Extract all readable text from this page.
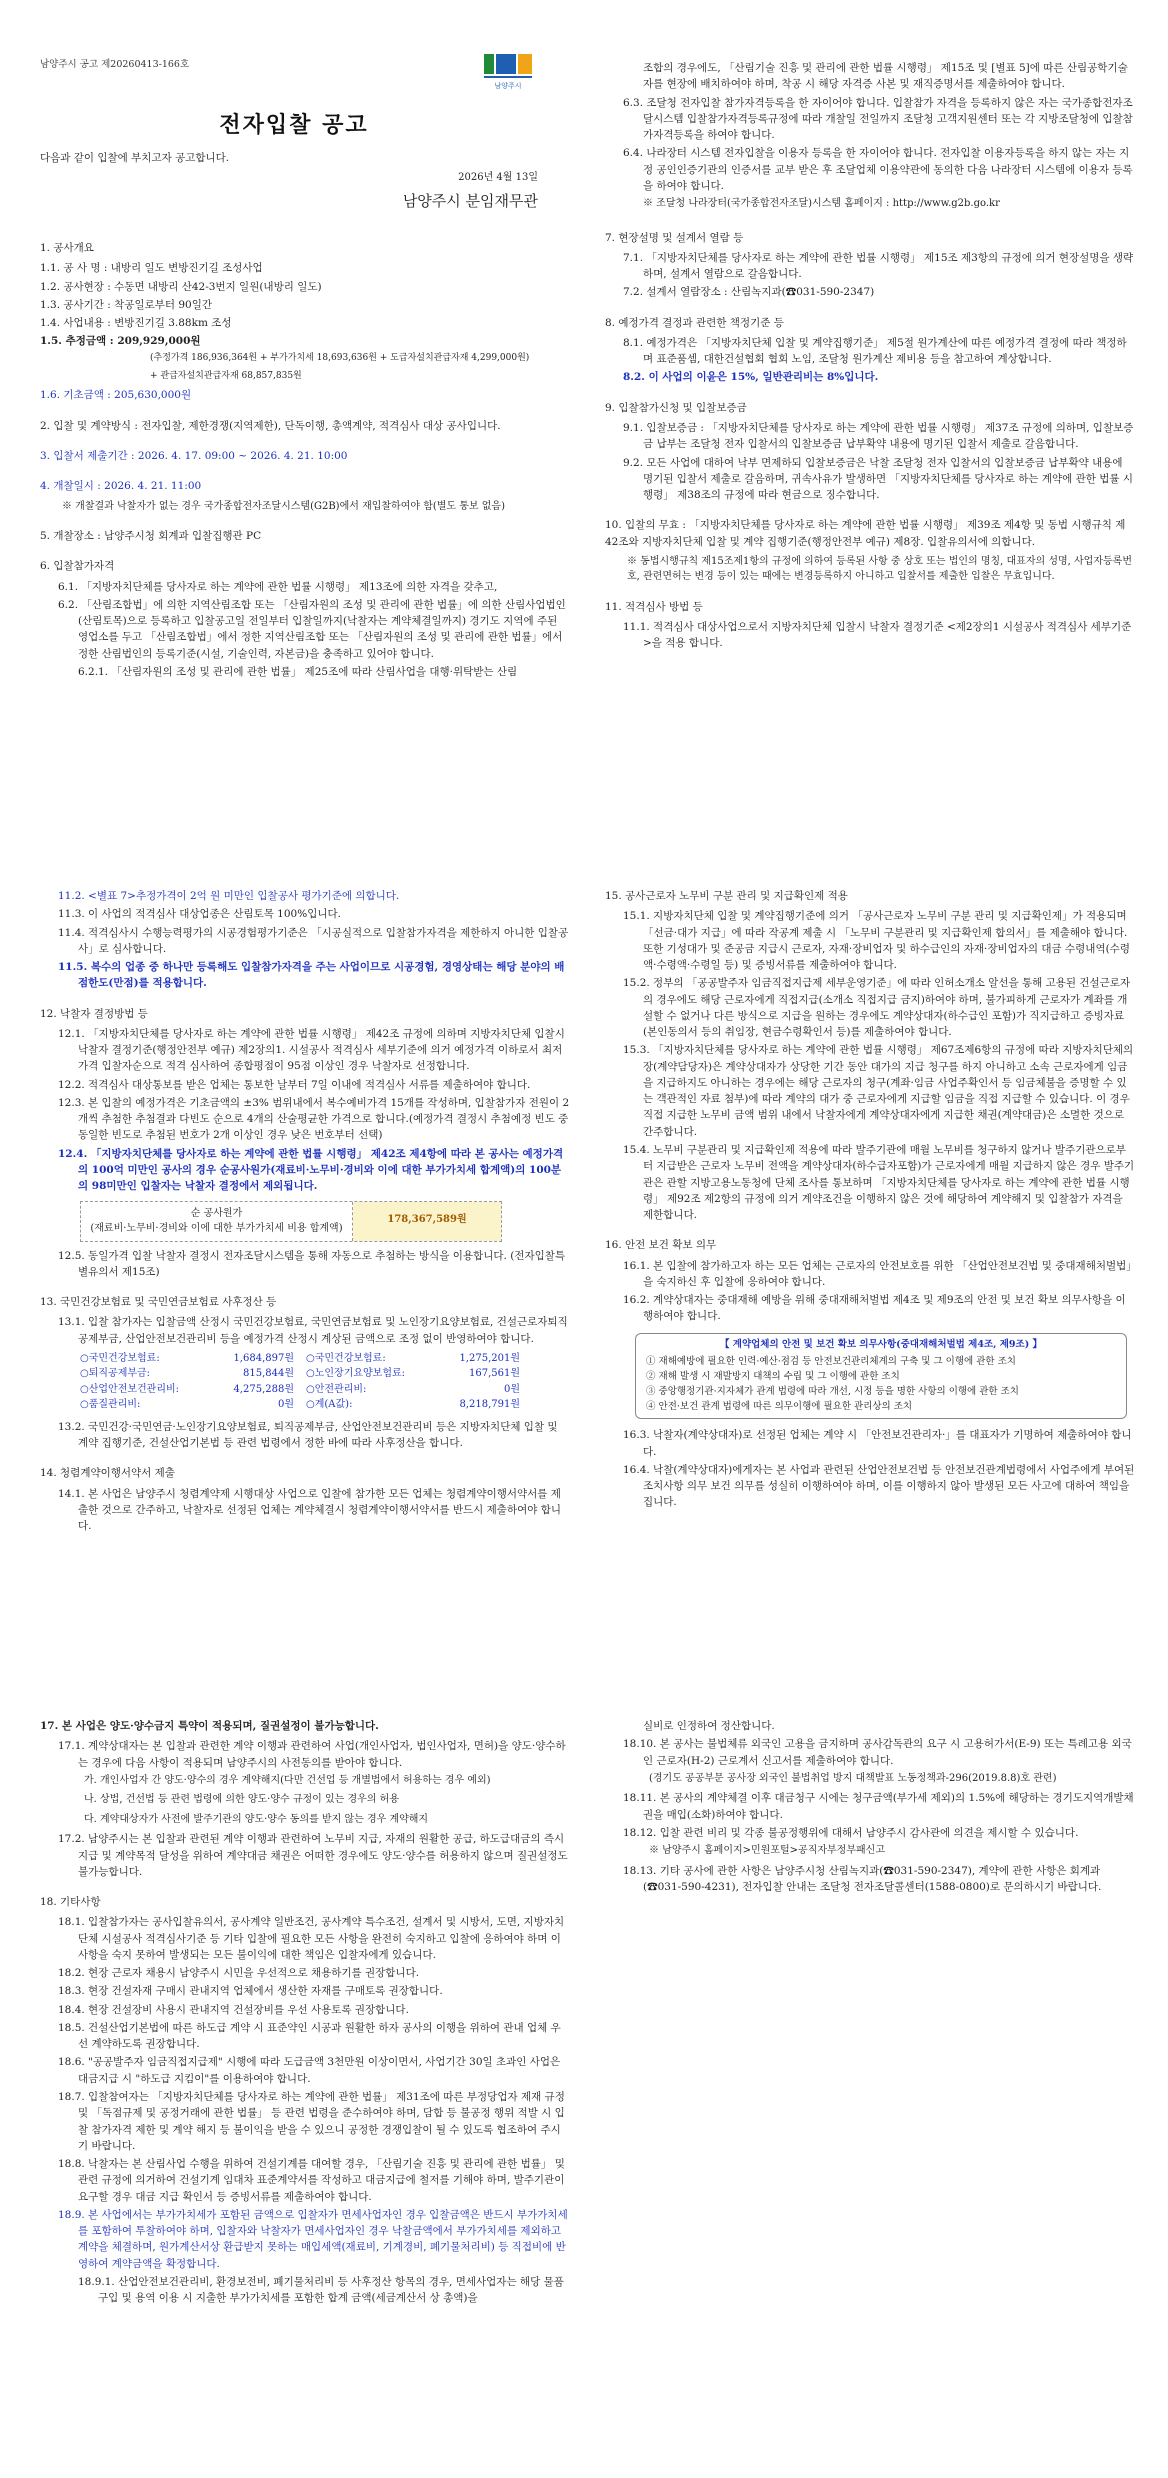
남양주시 공고 제20260413-166호
남양주시
전자입찰 공고
다음과 같이 입찰에 부치고자 공고합니다.
2026년 4월 13일
남양주시 분임재무관
1. 공사개요
1.1. 공 사 명 : 내방리 일도 변방진기길 조성사업
1.2. 공사현장 : 수동면 내방리 산42-3번지 일원(내방리 일도)
1.3. 공사기간 : 착공일로부터 90일간
1.4. 사업내용 : 변방진기길 3.88km 조성
1.5. 추정금액 : 209,929,000원
(추정가격 186,936,364원 + 부가가치세 18,693,636원 + 도급자설치관급자재 4,299,000원)
+ 관급자설치관급자재 68,857,835원
1.6. 기초금액 : 205,630,000원
2. 입찰 및 계약방식 : 전자입찰, 제한경쟁(지역제한), 단독이행, 총액계약, 적격심사 대상 공사입니다.
3. 입찰서 제출기간 : 2026. 4. 17. 09:00 ~ 2026. 4. 21. 10:00
4. 개찰일시 : 2026. 4. 21. 11:00
※ 개찰결과 낙찰자가 없는 경우 국가종합전자조달시스템(G2B)에서 재입찰하여야 함(별도 통보 없음)
5. 개찰장소 : 남양주시청 회계과 입찰집행관 PC
6. 입찰참가자격
6.1. 「지방자치단체를 당사자로 하는 계약에 관한 법률 시행령」 제13조에 의한 자격을 갖추고,
6.2. 「산림조합법」에 의한 지역산림조합 또는 「산림자원의 조성 및 관리에 관한 법률」에 의한 산림사업법인(산림토목)으로 등록하고 입찰공고일 전일부터 입찰일까지(낙찰자는 계약체결일까지) 경기도 지역에 주된 영업소를 두고 「산림조합법」에서 정한 지역산림조합 또는 「산림자원의 조성 및 관리에 관한 법률」에서 정한 산림법인의 등록기준(시설, 기술인력, 자본금)을 충족하고 있어야 합니다.
6.2.1. 「산림자원의 조성 및 관리에 관한 법률」 제25조에 따라 산림사업을 대행·위탁받는 산림
조합의 경우에도, 「산림기술 진흥 및 관리에 관한 법률 시행령」 제15조 및 [별표 5]에 따른 산림공학기술자를 현장에 배치하여야 하며, 착공 시 해당 자격증 사본 및 재직증명서를 제출하여야 합니다.
6.3. 조달청 전자입찰 참가자격등록을 한 자이어야 합니다. 입찰참가 자격을 등록하지 않은 자는 국가종합전자조달시스템 입찰참가자격등록규정에 따라 개찰일 전일까지 조달청 고객지원센터 또는 각 지방조달청에 입찰참가자격등록을 하여야 합니다.
6.4. 나라장터 시스템 전자입찰을 이용자 등록을 한 자이어야 합니다. 전자입찰 이용자등록을 하지 않는 자는 지정 공인인증기관의 인증서를 교부 받은 후 조달업체 이용약관에 동의한 다음 나라장터 시스템에 이용자 등록을 하여야 합니다.
※ 조달청 나라장터(국가종합전자조달)시스템 홈페이지 : http://www.g2b.go.kr
7. 현장설명 및 설계서 열람 등
7.1. 「지방자치단체를 당사자로 하는 계약에 관한 법률 시행령」 제15조 제3항의 규정에 의거 현장설명을 생략하며, 설계서 열람으로 갈음합니다.
7.2. 설계서 열람장소 : 산림녹지과(☎031-590-2347)
8. 예정가격 결정과 관련한 책정기준 등
8.1. 예정가격은 「지방자치단체 입찰 및 계약집행기준」 제5절 원가계산에 따른 예정가격 결정에 따라 책정하며 표준품셈, 대한건설협회 협회 노임, 조달청 원가계산 제비용 등을 참고하여 계상합니다.
8.2. 이 사업의 이윤은 15%, 일반관리비는 8%입니다.
9. 입찰참가신청 및 입찰보증금
9.1. 입찰보증금 : 「지방자치단체를 당사자로 하는 계약에 관한 법률 시행령」 제37조 규정에 의하며, 입찰보증금 납부는 조달청 전자 입찰서의 입찰보증금 납부확약 내용에 명기된 입찰서 제출로 갈음합니다.
9.2. 모든 사업에 대하여 낙부 면제하되 입찰보증금은 낙찰 조달청 전자 입찰서의 입찰보증금 납부확약 내용에 명기된 입찰서 제출로 갈음하며, 귀속사유가 발생하면 「지방자치단체를 당사자로 하는 계약에 관한 법률 시행령」 제38조의 규정에 따라 현금으로 징수합니다.
10. 입찰의 무효 : 「지방자치단체를 당사자로 하는 계약에 관한 법률 시행령」 제39조 제4항 및 동법 시행규칙 제42조와 지방자치단체 입찰 및 계약 집행기준(행정안전부 예규) 제8장. 입찰유의서에 의합니다.
※ 동법시행규칙 제15조제1항의 규정에 의하여 등록된 사항 중 상호 또는 법인의 명칭, 대표자의 성명, 사업자등록번호, 관련면허는 변경 등이 있는 때에는 변경등록하지 아니하고 입찰서를 제출한 입찰은 무효입니다.
11. 적격심사 방법 등
11.1. 적격심사 대상사업으로서 지방자치단체 입찰시 낙찰자 결정기준 <제2장의1 시설공사 적격심사 세부기준>을 적용 합니다.
11.2. <별표 7>추정가격이 2억 원 미만인 입찰공사 평가기준에 의합니다.
11.3. 이 사업의 적격심사 대상업종은 산림토목 100%입니다.
11.4. 적격심사시 수행능력평가의 시공경험평가기준은 「시공실적으로 입찰참가자격을 제한하지 아니한 입찰공사」로 심사합니다.
11.5. 복수의 업종 중 하나만 등록해도 입찰참가자격을 주는 사업이므로 시공경험, 경영상태는 해당 분야의 배점한도(만점)를 적용합니다.
12. 낙찰자 결정방법 등
12.1. 「지방자치단체를 당사자로 하는 계약에 관한 법률 시행령」 제42조 규정에 의하며 지방자치단체 입찰시 낙찰자 결정기준(행정안전부 예규) 제2장의1. 시설공사 적격심사 세부기준에 의거 예정가격 이하로서 최저가격 입찰자순으로 적격 심사하여 종합평점이 95점 이상인 경우 낙찰자로 선정합니다.
12.2. 적격심사 대상통보를 받은 업체는 통보한 날부터 7일 이내에 적격심사 서류를 제출하여야 합니다.
12.3. 본 입찰의 예정가격은 기초금액의 ±3% 범위내에서 복수예비가격 15개를 작성하며, 입찰참가자 전원이 2개씩 추첨한 추첨결과 다빈도 순으로 4개의 산술평균한 가격으로 합니다.(예정가격 결정시 추첨예정 빈도 중 동일한 빈도로 추첨된 번호가 2개 이상인 경우 낮은 번호부터 선택)
12.4. 「지방자치단체를 당사자로 하는 계약에 관한 법률 시행령」 제42조 제4항에 따라 본 공사는 예정가격의 100억 미만인 공사의 경우 순공사원가(재료비·노무비·경비와 이에 대한 부가가치세 합계액)의 100분의 98미만인 입찰자는 낙찰자 결정에서 제외됩니다.
순 공사원가
(재료비·노무비·경비와 이에 대한 부가가치세 비용 합계액)
178,367,589원
12.5. 동일가격 입찰 낙찰자 결정시 전자조달시스템을 통해 자동으로 추첨하는 방식을 이용합니다. (전자입찰특별유의서 제15조)
13. 국민건강보험료 및 국민연금보험료 사후정산 등
13.1. 입찰 참가자는 입찰금액 산정시 국민건강보험료, 국민연금보험료 및 노인장기요양보험료, 건설근로자퇴직공제부금, 산업안전보건관리비 등을 예정가격 산정시 계상된 금액으로 조정 없이 반영하여야 합니다.
○국민건강보험료:	1,684,897원 ○국민건강보험료:	1,275,201원
○퇴직공제부금:	815,844원 ○노인장기요양보험료:	167,561원
○산업안전보건관리비:	4,275,288원 ○안전관리비:	0원
○품질관리비:	0원 ○계(A값):	8,218,791원
13.2. 국민건강·국민연금·노인장기요양보험료, 퇴직공제부금, 산업안전보건관리비 등은 지방자치단체 입찰 및 계약 집행기준, 건설산업기본법 등 관련 법령에서 정한 바에 따라 사후정산을 합니다.
14. 청렴계약이행서약서 제출
14.1. 본 사업은 남양주시 청렴계약제 시행대상 사업으로 입찰에 참가한 모든 업체는 청렴계약이행서약서를 제출한 것으로 간주하고, 낙찰자로 선정된 업체는 계약체결시 청렴계약이행서약서를 반드시 제출하여야 합니다.
15. 공사근로자 노무비 구분 관리 및 지급확인제 적용
15.1. 지방자치단체 입찰 및 계약집행기준에 의거 「공사근로자 노무비 구분 관리 및 지급확인제」가 적용되며 「선금·대가 지급」에 따라 작공계 제출 시 「노무비 구분관리 및 지급확인제 합의서」를 제출해야 합니다. 또한 기성대가 및 준공금 지급시 근로자, 자재·장비업자 및 하수급인의 자재·장비업자의 대금 수령내역(수령액·수령액·수령일 등) 및 증빙서류를 제출하여야 합니다.
15.2. 정부의 「공공발주자 임금직접지급제 세부운영기준」에 따라 인허소개소 알선을 통해 고용된 건설근로자의 경우에도 해당 근로자에게 직접지급(소개소 직접지급 금지)하여야 하며, 불가피하게 근로자가 계좌를 개설할 수 없거나 다른 방식으로 지급을 원하는 경우에도 계약상대자(하수급인 포함)가 직지급하고 증빙자료(본인동의서 등의 취임장, 현금수령확인서 등)를 제출하여야 합니다.
15.3. 「지방자치단체를 당사자로 하는 계약에 관한 법률 시행령」 제67조제6항의 규정에 따라 지방자치단체의 장(계약담당자)은 계약상대자가 상당한 기간 동안 대가의 지급 청구를 하지 아니하고 소속 근로자에게 임금을 지급하지도 아니하는 경우에는 해당 근로자의 청구(계좌·임금 사업주확인서 등 임금체불을 증명할 수 있는 객관적인 자료 첨부)에 따라 계약의 대가 중 근로자에게 지급할 임금을 직접 지급할 수 있습니다. 이 경우 직접 지급한 노무비 금액 범위 내에서 낙찰자에게 계약상대자에게 지급한 채권(계약대금)은 소멸한 것으로 간주합니다.
15.4. 노무비 구분관리 및 지급확인제 적용에 따라 발주기관에 매월 노무비를 청구하지 않거나 발주기관으로부터 지급받은 근로자 노무비 전액을 계약상대자(하수급자포함)가 근로자에게 매월 지급하지 않은 경우 발주기관은 관할 지방고용노동청에 단체 조사를 통보하며 「지방자치단체를 당사자로 하는 계약에 관한 법률 시행령」 제92조 제2항의 규정에 의거 계약조건을 이행하지 않은 것에 해당하여 계약해지 및 입찰참가 자격을 제한합니다.
16. 안전 보건 확보 의무
16.1. 본 입찰에 참가하고자 하는 모든 업체는 근로자의 안전보호를 위한 「산업안전보건법 및 중대재해처벌법」을 숙지하신 후 입찰에 응하여야 합니다.
16.2. 계약상대자는 중대재해 예방을 위해 중대재해처벌법 제4조 및 제9조의 안전 및 보건 확보 의무사항을 이행하여야 합니다.
【 계약업체의 안전 및 보건 확보 의무사항(중대재해처벌법 제4조, 제9조) 】
① 재해예방에 필요한 인력·예산·점검 등 안전보건관리체계의 구축 및 그 이행에 관한 조치
② 재해 발생 시 재발방지 대책의 수립 및 그 이행에 관한 조치
③ 중앙행정기관·지자체가 관계 법령에 따라 개선, 시정 등을 명한 사항의 이행에 관한 조치
④ 안전·보건 관계 법령에 따른 의무이행에 필요한 관리상의 조치
16.3. 낙찰자(계약상대자)로 선정된 업체는 계약 시 「안전보건관리자·」를 대표자가 기명하여 제출하여야 합니다.
16.4. 낙찰(계약상대자)에게자는 본 사업과 관련된 산업안전보건법 등 안전보건관계법령에서 사업주에게 부여된 조치사항 의무 보건 의무를 성실히 이행하여야 하며, 이를 이행하지 않아 발생된 모든 사고에 대하여 책임을 집니다.
17. 본 사업은 양도·양수금지 특약이 적용되며, 질권설정이 불가능합니다.
17.1. 계약상대자는 본 입찰과 관련한 계약 이행과 관련하여 사업(개인사업자, 법인사업자, 면허)을 양도·양수하는 경우에 다음 사항이 적용되며 남양주시의 사전동의를 받아야 합니다.
가. 개인사업자 간 양도·양수의 경우 계약해지(다만 건선업 등 개별법에서 허용하는 경우 예외)
나. 상법, 건선법 등 관련 법령에 의한 양도·양수 규정이 있는 경우의 허용
다. 계약대상자가 사전에 발주기관의 양도·양수 동의를 받지 않는 경우 계약해지
17.2. 남양주시는 본 입찰과 관련된 계약 이행과 관련하여 노무비 지급, 자재의 원활한 공급, 하도급대금의 즉시 지급 및 계약목적 달성을 위하여 계약대금 채권은 어떠한 경우에도 양도·양수를 허용하지 않으며 질권설정도 불가능합니다.
18. 기타사항
18.1. 입찰참가자는 공사입찰유의서, 공사계약 일반조건, 공사계약 특수조건, 설계서 및 시방서, 도면, 지방자치단체 시설공사 적격심사기준 등 기타 입찰에 필요한 모든 사항을 완전히 숙지하고 입찰에 응하여야 하며 이 사항을 숙지 못하여 발생되는 모든 불이익에 대한 책임은 입찰자에게 있습니다.
18.2. 현장 근로자 채용시 남양주시 시민을 우선적으로 채용하기를 권장합니다.
18.3. 현장 건설자재 구매시 관내지역 업체에서 생산한 자재를 구매토록 권장합니다.
18.4. 현장 건설장비 사용시 관내지역 건설장비를 우선 사용토록 권장합니다.
18.5. 건설산업기본법에 따른 하도급 계약 시 표준약인 시공과 원활한 하자 공사의 이행을 위하여 관내 업체 우선 계약하도록 권장합니다.
18.6. "공공발주자 임금직접지급제" 시행에 따라 도급금액 3천만원 이상이면서, 사업기간 30일 초과인 사업은 대금지급 시 "하도급 지킴이"를 이용하여야 합니다.
18.7. 입찰참여자는 「지방자치단체를 당사자로 하는 계약에 관한 법률」 제31조에 따른 부정당업자 제재 규정 및 「독점규제 및 공정거래에 관한 법률」 등 관련 법령을 준수하여야 하며, 담합 등 불공정 행위 적발 시 입찰 참가자격 제한 및 계약 해지 등 불이익을 받을 수 있으니 공정한 경쟁입찰이 될 수 있도록 협조하여 주시기 바랍니다.
18.8. 낙찰자는 본 산림사업 수행을 위하여 건설기계를 대여할 경우, 「산림기술 진흥 및 관리에 관한 법률」 및 관련 규정에 의거하여 건설기계 임대차 표준계약서를 작성하고 대금지급에 철저를 기해야 하며, 발주기관이 요구할 경우 대금 지급 확인서 등 증빙서류를 제출하여야 합니다.
18.9. 본 사업에서는 부가가치세가 포함된 금액으로 입찰자가 면세사업자인 경우 입찰금액은 반드시 부가가치세를 포함하여 투찰하여야 하며, 입찰자와 낙찰자가 면세사업자인 경우 낙찰금액에서 부가가치세를 제외하고 계약을 체결하며, 원가계산서상 환급받지 못하는 매입세액(재료비, 기계경비, 폐기물처리비) 등 직접비에 반영하여 계약금액을 확정합니다.
18.9.1. 산업안전보건관리비, 환경보전비, 폐기물처리비 등 사후정산 항목의 경우, 면세사업자는 해당 물품 구입 및 용역 이용 시 지출한 부가가치세를 포함한 합계 금액(세금계산서 상 총액)을
실비로 인정하여 정산합니다.
18.10. 본 공사는 불법체류 외국인 고용을 금지하며 공사감독관의 요구 시 고용허가서(E-9) 또는 특례고용 외국인 근로자(H-2) 근로계서 신고서를 제출하여야 합니다.
(경기도 공공부문 공사장 외국인 불법취업 방지 대책발표 노동정책과-296(2019.8.8)호 관련)
18.11. 본 공사의 계약체결 이후 대금청구 시에는 청구금액(부가세 제외)의 1.5%에 해당하는 경기도지역개발채권을 매입(소화)하여야 합니다.
18.12. 입찰 관련 비리 및 각종 불공정행위에 대해서 남양주시 감사관에 의견을 제시할 수 있습니다.
※ 남양주시 홈페이지>민원포털>공직자부정부패신고
18.13. 기타 공사에 관한 사항은 남양주시청 산림녹지과(☎031-590-2347), 계약에 관한 사항은 회계과(☎031-590-4231), 전자입찰 안내는 조달청 전자조달콜센터(1588-0800)로 문의하시기 바랍니다.
